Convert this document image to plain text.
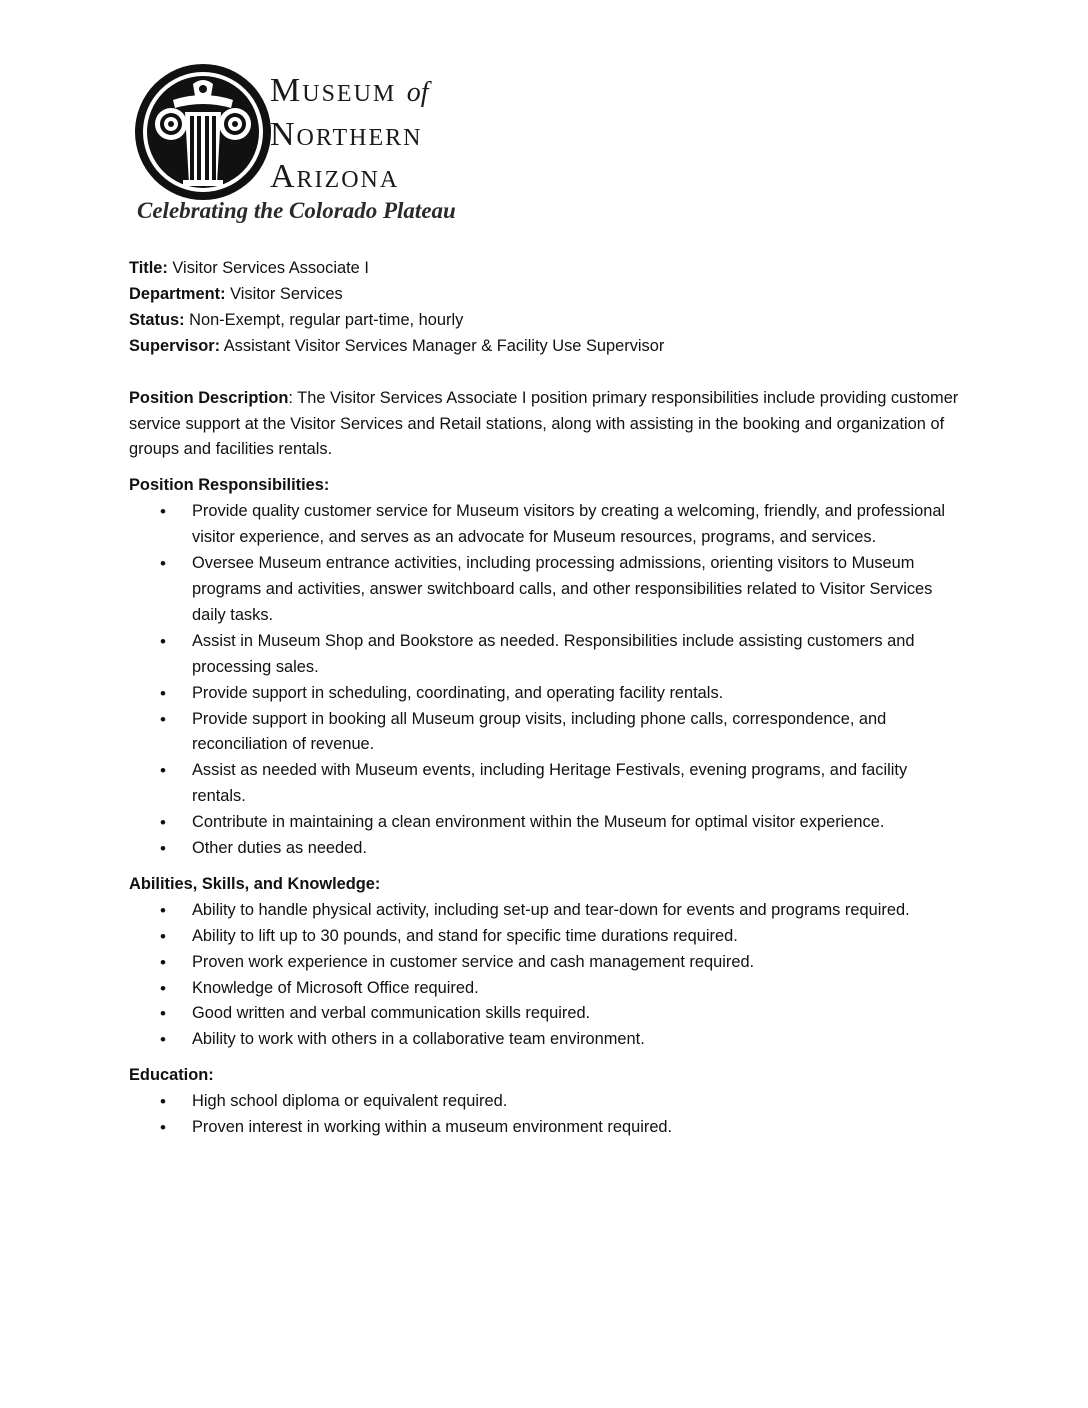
Museum of
Northern
Arizona
Celebrating the Colorado Plateau
Title: Visitor Services Associate I
Department: Visitor Services
Status: Non-Exempt, regular part-time, hourly
Supervisor: Assistant Visitor Services Manager & Facility Use Supervisor
Position Description: The Visitor Services Associate I position primary responsibilities include providing customer service support at the Visitor Services and Retail stations, along with assisting in the booking and organization of groups and facilities rentals.
Position Responsibilities:
• Provide quality customer service for Museum visitors by creating a welcoming, friendly, and professional visitor experience, and serves as an advocate for Museum resources, programs, and services.
• Oversee Museum entrance activities, including processing admissions, orienting visitors to Museum programs and activities, answer switchboard calls, and other responsibilities related to Visitor Services daily tasks.
• Assist in Museum Shop and Bookstore as needed. Responsibilities include assisting customers and processing sales.
• Provide support in scheduling, coordinating, and operating facility rentals.
• Provide support in booking all Museum group visits, including phone calls, correspondence, and reconciliation of revenue.
• Assist as needed with Museum events, including Heritage Festivals, evening programs, and facility rentals.
• Contribute in maintaining a clean environment within the Museum for optimal visitor experience.
• Other duties as needed.
Abilities, Skills, and Knowledge:
• Ability to handle physical activity, including set-up and tear-down for events and programs required.
• Ability to lift up to 30 pounds, and stand for specific time durations required.
• Proven work experience in customer service and cash management required.
• Knowledge of Microsoft Office required.
• Good written and verbal communication skills required.
• Ability to work with others in a collaborative team environment.
Education:
• High school diploma or equivalent required.
• Proven interest in working within a museum environment required.
